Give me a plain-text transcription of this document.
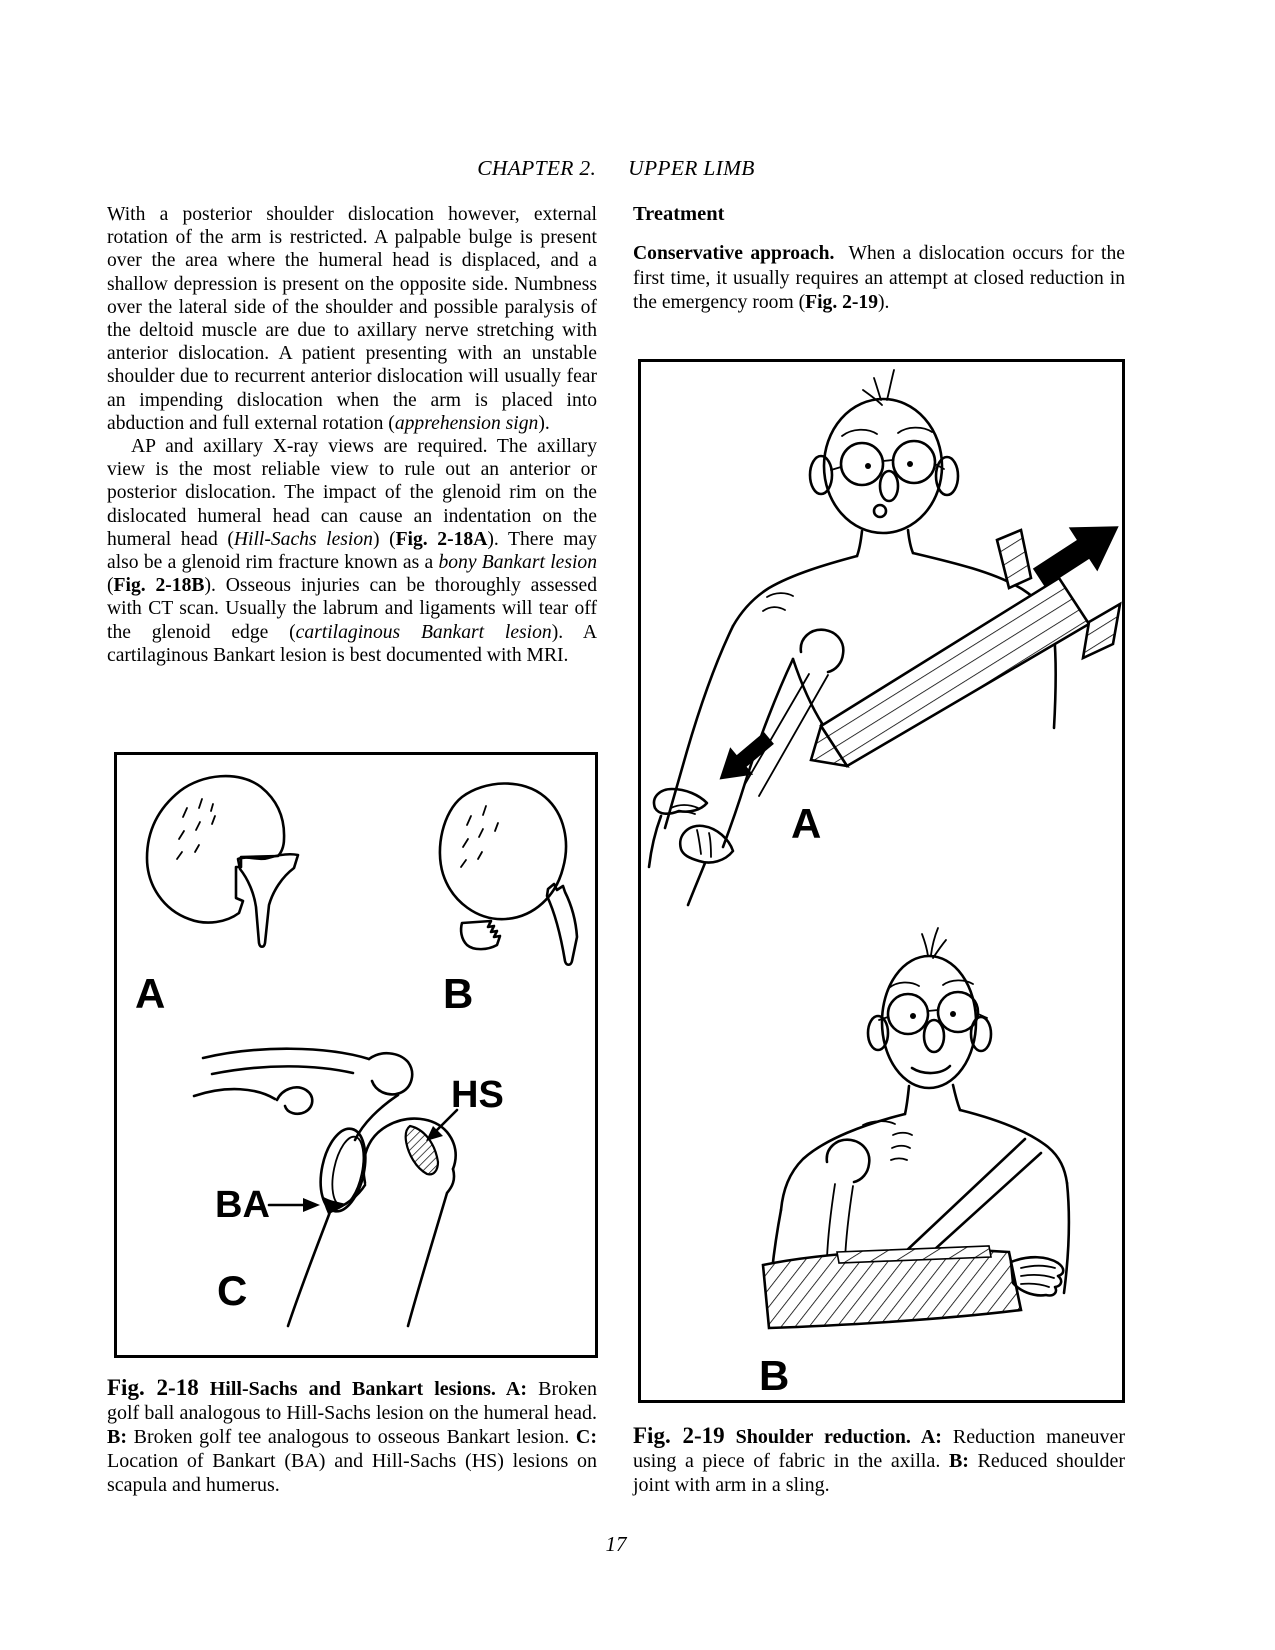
CHAPTER 2. UPPER LIMB

With a posterior shoulder dislocation however, external rotation of the arm is restricted. A palpable bulge is present over the area where the humeral head is displaced, and a shallow depression is present on the opposite side. Numbness over the lateral side of the shoulder and possible paralysis of the deltoid muscle are due to axillary nerve stretching with anterior dislocation. A patient presenting with an unstable shoulder due to recurrent anterior dislocation will usually fear an impending dislocation when the arm is placed into abduction and full external rotation (apprehension sign).

AP and axillary X-ray views are required. The axillary view is the most reliable view to rule out an anterior or posterior dislocation. The impact of the glenoid rim on the dislocated humeral head can cause an indentation on the humeral head (Hill-Sachs lesion) (Fig. 2-18A). There may also be a glenoid rim fracture known as a bony Bankart lesion (Fig. 2-18B). Osseous injuries can be thoroughly assessed with CT scan. Usually the labrum and ligaments will tear off the glenoid edge (cartilaginous Bankart lesion). A cartilaginous Bankart lesion is best documented with MRI.

Treatment

Conservative approach. When a dislocation occurs for the first time, it usually requires an attempt at closed reduction in the emergency room (Fig. 2-19).

A	B
HS
BA
C
Fig. 2-18 Hill-Sachs and Bankart lesions. A: Broken golf ball analogous to Hill-Sachs lesion on the humeral head. B: Broken golf tee analogous to osseous Bankart lesion. C: Location of Bankart (BA) and Hill-Sachs (HS) lesions on scapula and humerus.
A
B
Fig. 2-19 Shoulder reduction. A: Reduction maneuver using a piece of fabric in the axilla. B: Reduced shoulder joint with arm in a sling.
17
